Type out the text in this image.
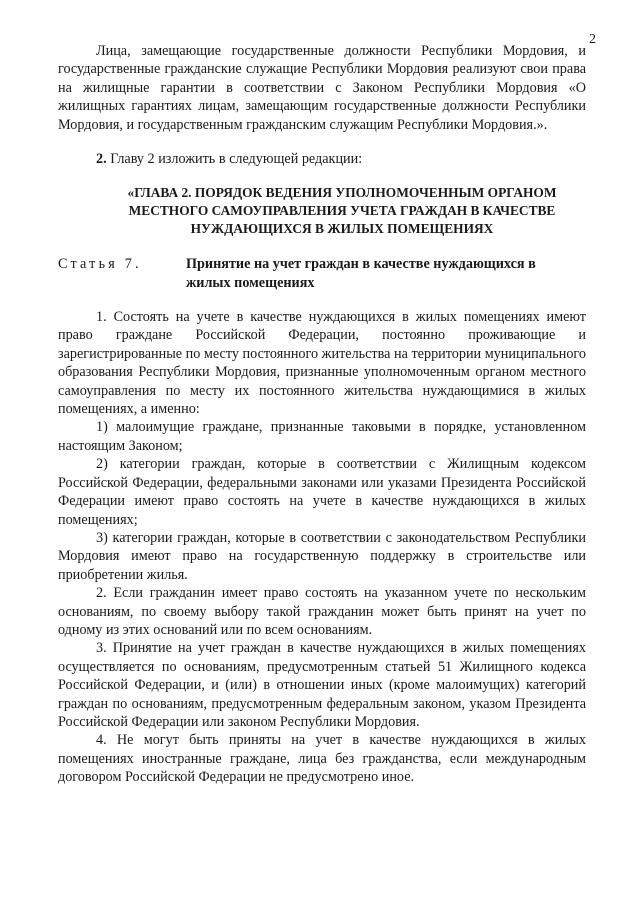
2

Лица, замещающие государственные должности Республики Мордовия, и государственные гражданские служащие Республики Мордовия реализуют свои права на жилищные гарантии в соответствии с Законом Республики Мордовия «О жилищных гарантиях лицам, замещающим государственные должности Республики Мордовия, и государственным гражданским служащим Республики Мордовия.».

2. Главу 2 изложить в следующей редакции:

«ГЛАВА 2. ПОРЯДОК ВЕДЕНИЯ УПОЛНОМОЧЕННЫМ ОРГАНОМ МЕСТНОГО САМОУПРАВЛЕНИЯ УЧЕТА ГРАЖДАН В КАЧЕСТВЕ НУЖДАЮЩИХСЯ В ЖИЛЫХ ПОМЕЩЕНИЯХ
Статья 7.	Принятие на учет граждан в качестве нуждающихся в жилых помещениях

1. Состоять на учете в качестве нуждающихся в жилых помещениях имеют право граждане Российской Федерации, постоянно проживающие и зарегистрированные по месту постоянного жительства на территории муниципального образования Республики Мордовия, признанные уполномоченным органом местного самоуправления по месту их постоянного жительства нуждающимися в жилых помещениях, а именно:

1) малоимущие граждане, признанные таковыми в порядке, установленном настоящим Законом;

2) категории граждан, которые в соответствии с Жилищным кодексом Российской Федерации, федеральными законами или указами Президента Российской Федерации имеют право состоять на учете в качестве нуждающихся в жилых помещениях;

3) категории граждан, которые в соответствии с законодательством Республики Мордовия имеют право на государственную поддержку в строительстве или приобретении жилья.

2. Если гражданин имеет право состоять на указанном учете по нескольким основаниям, по своему выбору такой гражданин может быть принят на учет по одному из этих оснований или по всем основаниям.

3. Принятие на учет граждан в качестве нуждающихся в жилых помещениях осуществляется по основаниям, предусмотренным статьей 51 Жилищного кодекса Российской Федерации, и (или) в отношении иных (кроме малоимущих) категорий граждан по основаниям, предусмотренным федеральным законом, указом Президента Российской Федерации или законом Республики Мордовия.

4. Не могут быть приняты на учет в качестве нуждающихся в жилых помещениях иностранные граждане, лица без гражданства, если международным договором Российской Федерации не предусмотрено иное.
